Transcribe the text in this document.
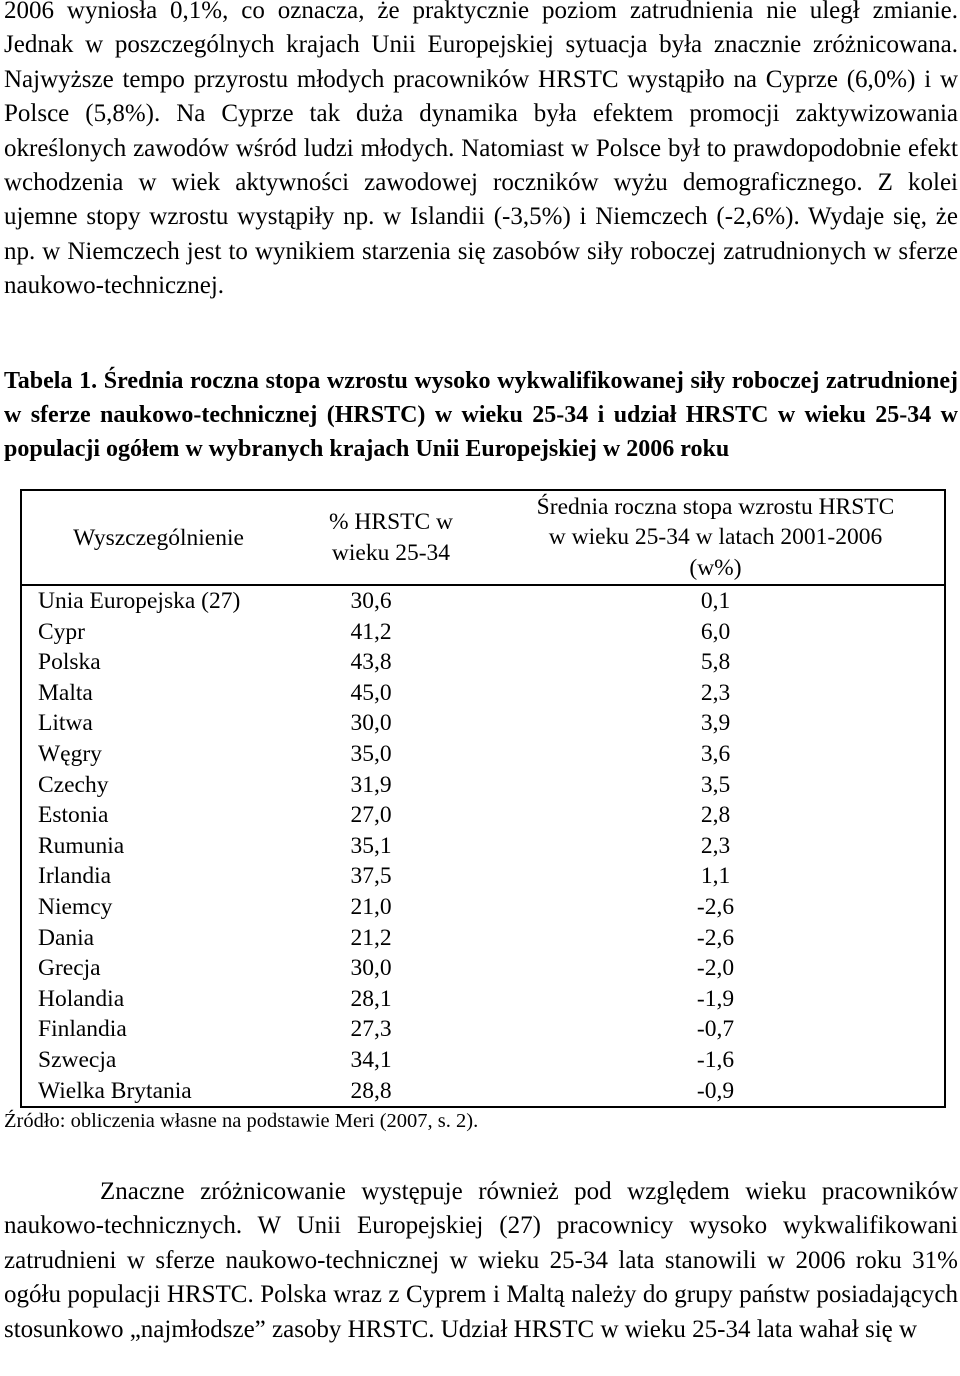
2006 wyniosła 0,1%, co oznacza, że praktycznie poziom zatrudnienia nie uległ zmianie. Jednak w poszczególnych krajach Unii Europejskiej sytuacja była znacznie zróżnicowana. Najwyższe tempo przyrostu młodych pracowników HRSTC wystąpiło na Cyprze (6,0%) i w Polsce (5,8%). Na Cyprze tak duża dynamika była efektem promocji zaktywizowania określonych zawodów wśród ludzi młodych. Natomiast w Polsce był to prawdopodobnie efekt wchodzenia w wiek aktywności zawodowej roczników wyżu demograficznego. Z kolei ujemne stopy wzrostu wystąpiły np. w Islandii (-3,5%) i Niemczech (-2,6%). Wydaje się, że np. w Niemczech jest to wynikiem starzenia się zasobów siły roboczej zatrudnionych w sferze naukowo-technicznej.

Tabela 1. Średnia roczna stopa wzrostu wysoko wykwalifikowanej siły roboczej zatrudnionej w sferze naukowo-technicznej (HRSTC) w wieku 25-34 i udział HRSTC w wieku 25-34 w populacji ogółem w wybranych krajach Unii Europejskiej w 2006 roku

Wyszczególnienie	% HRSTC w wieku 25-34	Średnia roczna stopa wzrostu HRSTC w wieku 25-34 w latach 2001-2006 (w%)
Unia Europejska (27)	30,6	0,1
Cypr	41,2	6,0
Polska	43,8	5,8
Malta	45,0	2,3
Litwa	30,0	3,9
Węgry	35,0	3,6
Czechy	31,9	3,5
Estonia	27,0	2,8
Rumunia	35,1	2,3
Irlandia	37,5	1,1
Niemcy	21,0	-2,6
Dania	21,2	-2,6
Grecja	30,0	-2,0
Holandia	28,1	-1,9
Finlandia	27,3	-0,7
Szwecja	34,1	-1,6
Wielka Brytania	28,8	-0,9
Źródło: obliczenia własne na podstawie Meri (2007, s. 2).

Znaczne zróżnicowanie występuje również pod względem wieku pracowników naukowo-technicznych. W Unii Europejskiej (27) pracownicy wysoko wykwalifikowani zatrudnieni w sferze naukowo-technicznej w wieku 25-34 lata stanowili w 2006 roku 31% ogółu populacji HRSTC. Polska wraz z Cyprem i Maltą należy do grupy państw posiadających stosunkowo „najmłodsze” zasoby HRSTC. Udział HRSTC w wieku 25-34 lata wahał się w
